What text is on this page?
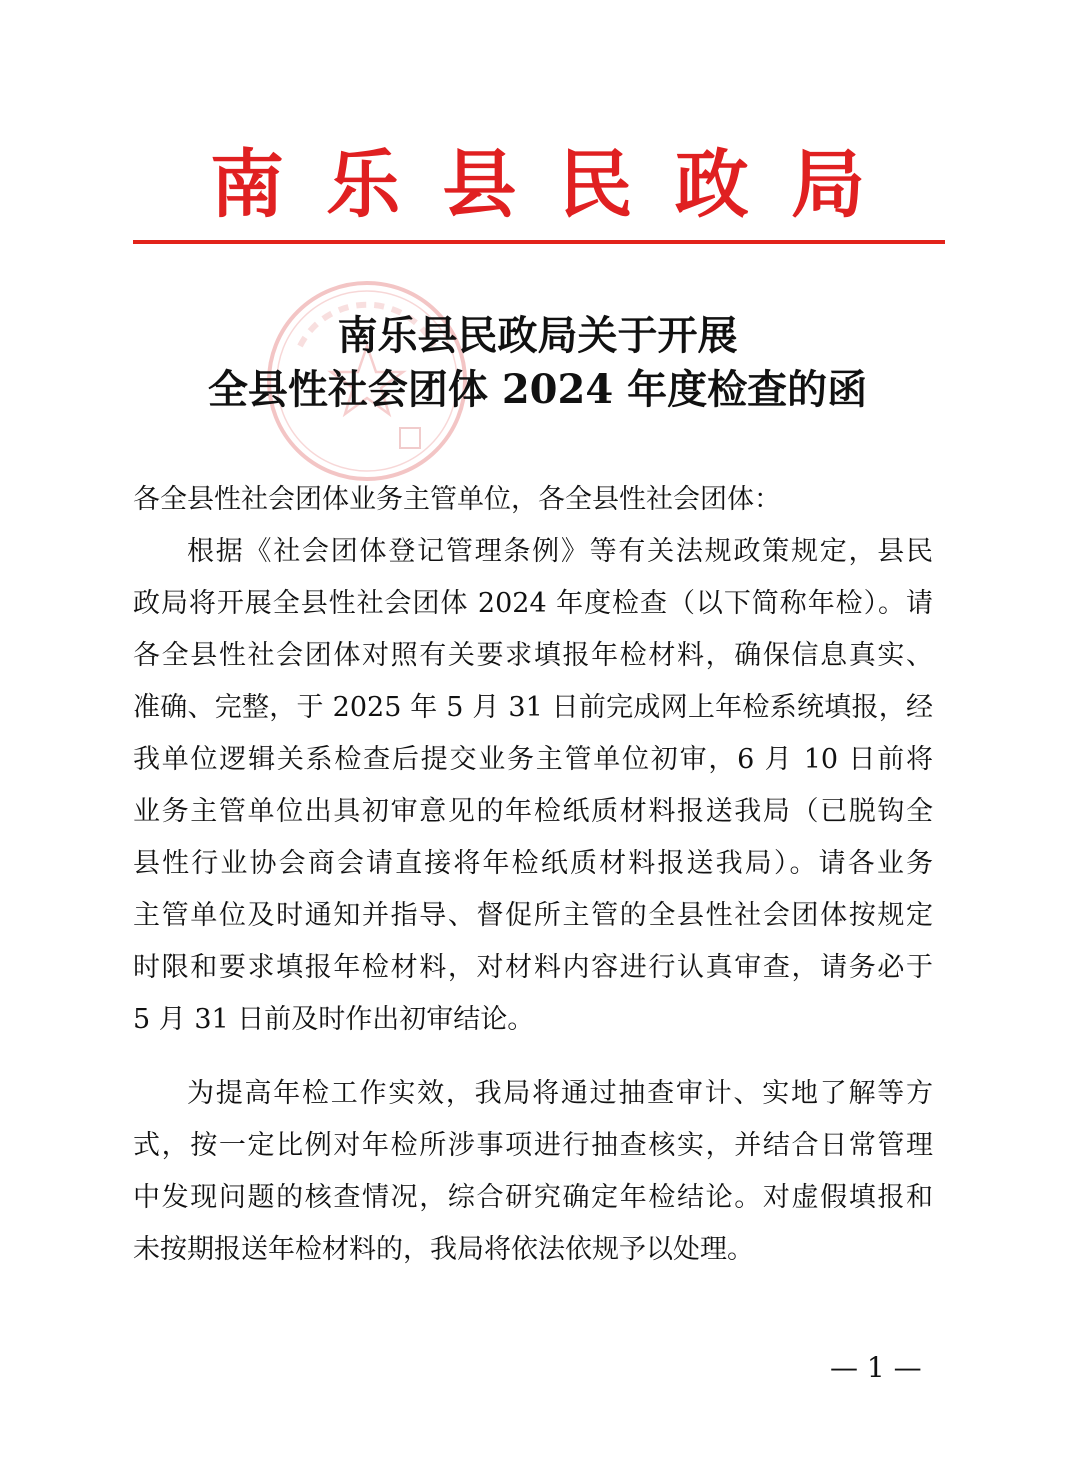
南 乐 县 民 政 局
南乐县民政局关于开展
全县性社会团体 2024 年度检查的函
各全县性社会团体业务主管单位，各全县性社会团体：
根据《社会团体登记管理条例》等有关法规政策规定，县民
政局将开展全县性社会团体 2024 年度检查（以下简称年检）。请
各全县性社会团体对照有关要求填报年检材料，确保信息真实、
准确、完整，于 2025 年 5 月 31 日前完成网上年检系统填报，经
我单位逻辑关系检查后提交业务主管单位初审，6 月 10 日前将
业务主管单位出具初审意见的年检纸质材料报送我局（已脱钩全
县性行业协会商会请直接将年检纸质材料报送我局）。请各业务
主管单位及时通知并指导、督促所主管的全县性社会团体按规定
时限和要求填报年检材料，对材料内容进行认真审查，请务必于
5 月 31 日前及时作出初审结论。
为提高年检工作实效，我局将通过抽查审计、实地了解等方
式，按一定比例对年检所涉事项进行抽查核实，并结合日常管理
中发现问题的核查情况，综合研究确定年检结论。对虚假填报和
未按期报送年检材料的，我局将依法依规予以处理。
— 1 —
